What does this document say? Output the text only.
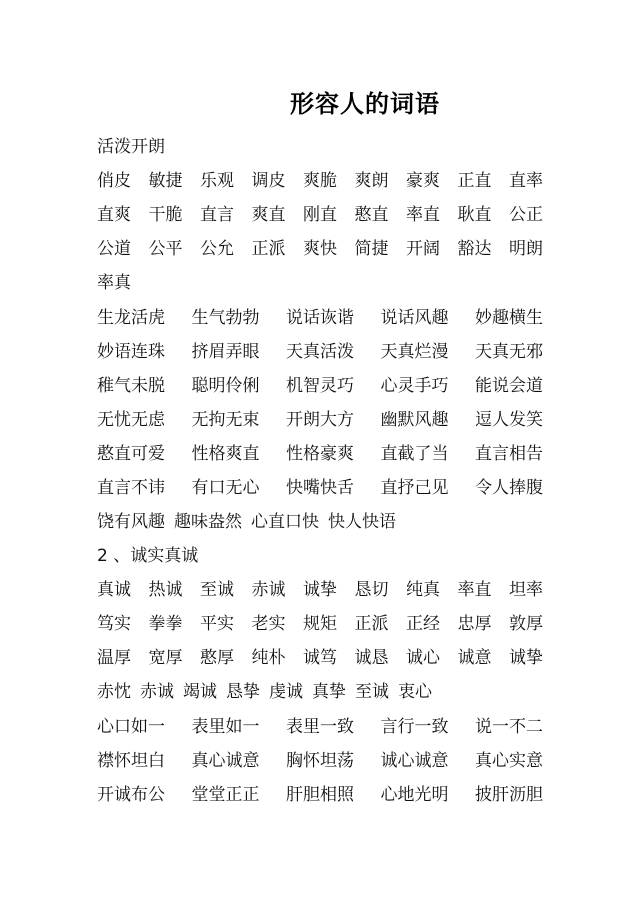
形容人的词语
活泼开朗
俏皮 敏捷 乐观 调皮 爽脆 爽朗 豪爽 正直 直率
直爽 干脆 直言 爽直 刚直 憨直 率直 耿直 公正
公道 公平 公允 正派 爽快 简捷 开阔 豁达 明朗
率真
生龙活虎 生气勃勃 说话诙谐 说话风趣 妙趣横生
妙语连珠 挤眉弄眼 天真活泼 天真烂漫 天真无邪
稚气未脱 聪明伶俐 机智灵巧 心灵手巧 能说会道
无忧无虑 无拘无束 开朗大方 幽默风趣 逗人发笑
憨直可爱 性格爽直 性格豪爽 直截了当 直言相告
直言不讳 有口无心 快嘴快舌 直抒己见 令人捧腹
饶有风趣 趣味盎然 心直口快 快人快语
2 、诚实真诚
真诚 热诚 至诚 赤诚 诚挚 恳切 纯真 率直 坦率
笃实 拳拳 平实 老实 规矩 正派 正经 忠厚 敦厚
温厚 宽厚 憨厚 纯朴 诚笃 诚恳 诚心 诚意 诚挚
赤忱 赤诚 竭诚 恳挚 虔诚 真挚 至诚 衷心
心口如一 表里如一 表里一致 言行一致 说一不二
襟怀坦白 真心诚意 胸怀坦荡 诚心诚意 真心实意
开诚布公 堂堂正正 肝胆相照 心地光明 披肝沥胆
